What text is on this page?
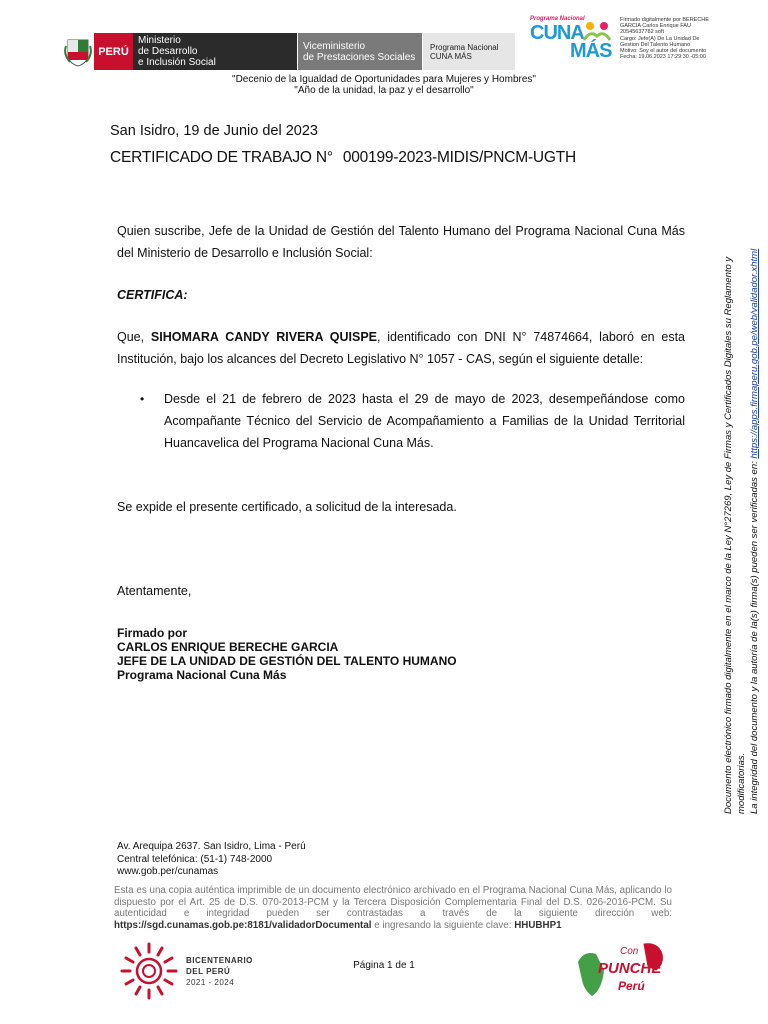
PERÚ
Ministerio
de Desarrollo
e Inclusión Social
Viceministerio
de Prestaciones Sociales
Programa Nacional
CUNA MÁS
Programa Nacional
CUNA
MÁS
Firmado digitalmente por BERECHE
GARCIA Carlos Enrique FAU
20545637782 soft
Cargo: Jefe(A) De La Unidad De
Gestion Del Talento Humano
Motivo: Soy el autor del documento
Fecha: 19.06.2023 17:29:30 -05:00
"Decenio de la Igualdad de Oportunidades para Mujeres y Hombres"
"Año de la unidad, la paz y el desarrollo"
San Isidro, 19 de Junio del 2023
CERTIFICADO DE TRABAJO N° 000199-2023-MIDIS/PNCM-UGTH
Quien suscribe, Jefe de la Unidad de Gestión del Talento Humano del Programa Nacional Cuna Más del Ministerio de Desarrollo e Inclusión Social:
CERTIFICA:
Que, SIHOMARA CANDY RIVERA QUISPE, identificado con DNI N° 74874664, laboró en esta Institución, bajo los alcances del Decreto Legislativo N° 1057 - CAS, según el siguiente detalle:
•	Desde el 21 de febrero de 2023 hasta el 29 de mayo de 2023, desempeñándose como Acompañante Técnico del Servicio de Acompañamiento a Familias de la Unidad Territorial Huancavelica del Programa Nacional Cuna Más.
Se expide el presente certificado, a solicitud de la interesada.
Atentamente,
Firmado por
CARLOS ENRIQUE BERECHE GARCIA
JEFE DE LA UNIDAD DE GESTIÓN DEL TALENTO HUMANO
Programa Nacional Cuna Más	Documento electrónico firmado digitalmente en el marco de la Ley N°27269, Ley de Firmas y Certificados Digitales su Reglamento y modificatorias. La integridad del documento y la autoría de la(s) firma(s) pueden ser verificadas en: https://apps.firmaperu.gob.pe/web/validador.xhtml
Av. Arequipa 2637. San Isidro, Lima - Perú
Central telefónica: (51-1) 748-2000
www.gob.per/cunamas
Esta es una copia auténtica imprimible de un documento electrónico archivado en el Programa Nacional Cuna Más, aplicando lo dispuesto por el Art. 25 de D.S. 070-2013-PCM y la Tercera Disposición Complementaria Final del D.S. 026-2016-PCM. Su autenticidad e integridad pueden ser contrastadas a través de la siguiente dirección web: https://sgd.cunamas.gob.pe:8181/validadorDocumental e ingresando la siguiente clave: HHUBHP1
BICENTENARIO
DEL PERÚ
2021 - 2024
Página 1 de 1
Con
PUNCHE
Perú
